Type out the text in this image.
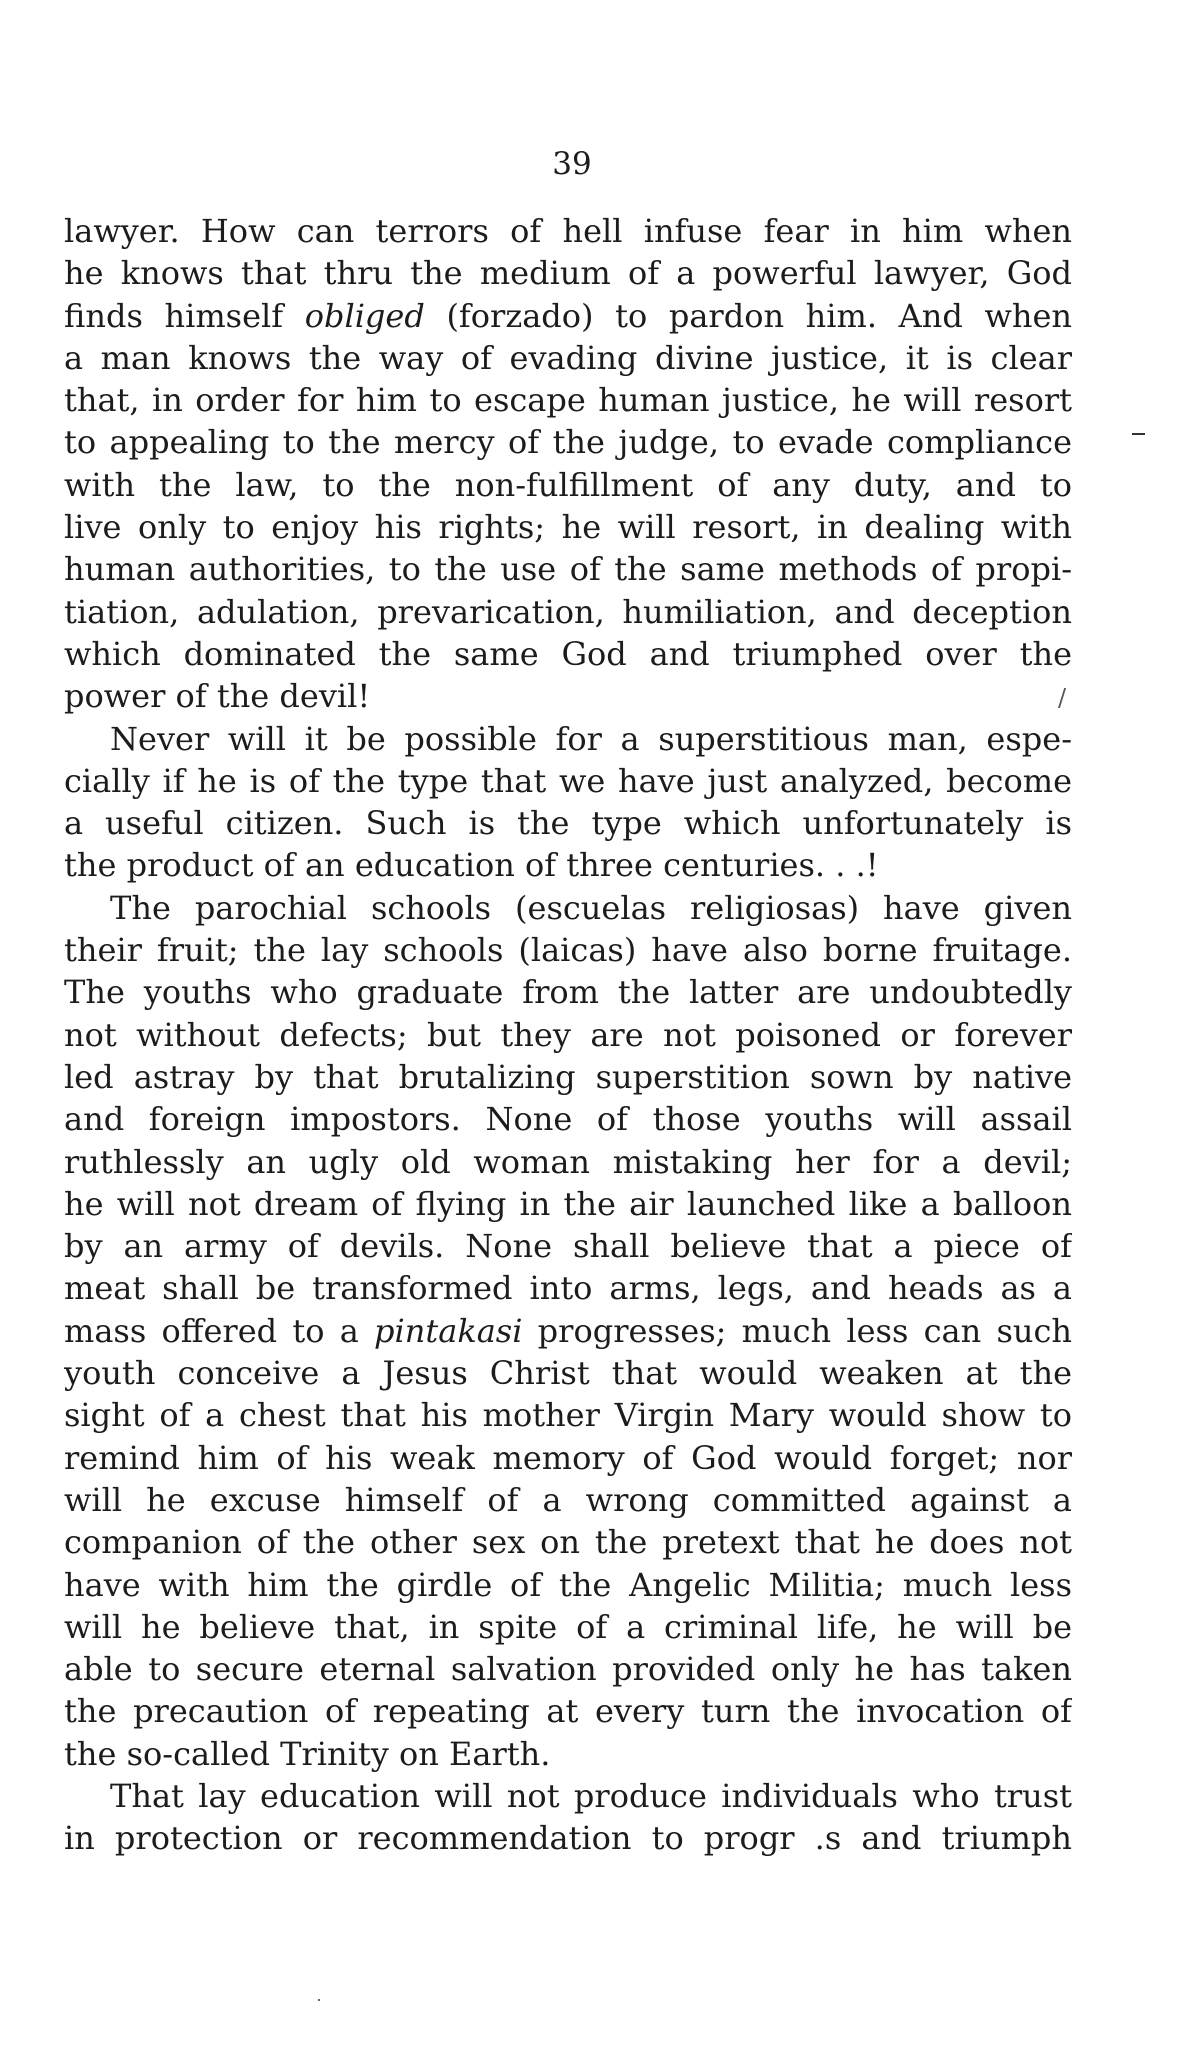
39
lawyer. How can terrors of hell infuse fear in him when
he knows that thru the medium of a powerful lawyer, God
finds himself obliged (forzado) to pardon him. And when
a man knows the way of evading divine justice, it is clear
that, in order for him to escape human justice, he will resort
to appealing to the mercy of the judge, to evade compliance
with the law, to the non-fulfillment of any duty, and to
live only to enjoy his rights; he will resort, in dealing with
human authorities, to the use of the same methods of propi-
tiation, adulation, prevarication, humiliation, and deception
which dominated the same God and triumphed over the
power of the devil!
Never will it be possible for a superstitious man, espe-
cially if he is of the type that we have just analyzed, become
a useful citizen. Such is the type which unfortunately is
the product of an education of three centuries. . .!
The parochial schools (escuelas religiosas) have given
their fruit; the lay schools (laicas) have also borne fruitage.
The youths who graduate from the latter are undoubtedly
not without defects; but they are not poisoned or forever
led astray by that brutalizing superstition sown by native
and foreign impostors. None of those youths will assail
ruthlessly an ugly old woman mistaking her for a devil;
he will not dream of flying in the air launched like a balloon
by an army of devils. None shall believe that a piece of
meat shall be transformed into arms, legs, and heads as a
mass offered to a pintakasi progresses; much less can such
youth conceive a Jesus Christ that would weaken at the
sight of a chest that his mother Virgin Mary would show to
remind him of his weak memory of God would forget; nor
will he excuse himself of a wrong committed against a
companion of the other sex on the pretext that he does not
have with him the girdle of the Angelic Militia; much less
will he believe that, in spite of a criminal life, he will be
able to secure eternal salvation provided only he has taken
the precaution of repeating at every turn the invocation of
the so-called Trinity on Earth.
That lay education will not produce individuals who trust
in protection or recommendation to progr .s and triumph
/
